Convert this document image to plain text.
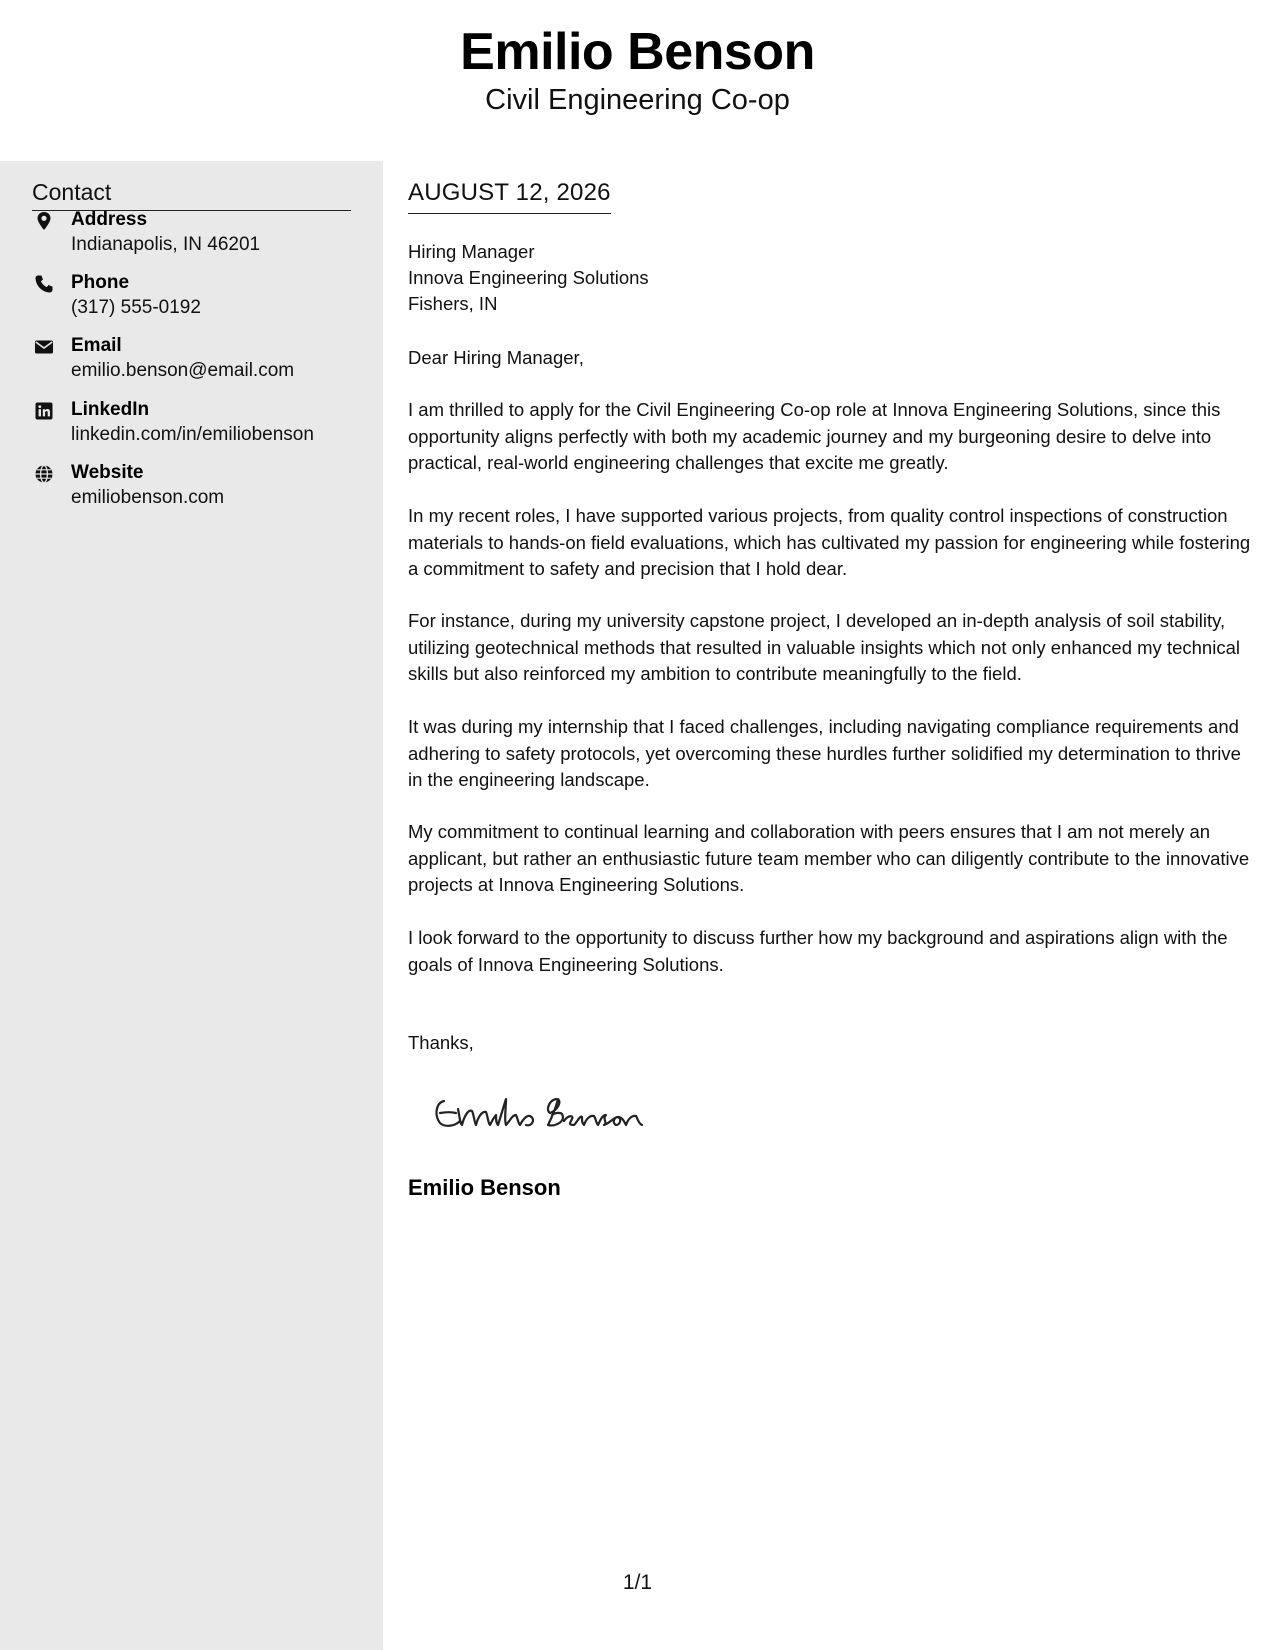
Emilio Benson
Civil Engineering Co-op
Contact
Address
Indianapolis, IN 46201
Phone
(317) 555-0192
Email
emilio.benson@email.com
LinkedIn
linkedin.com/in/emiliobenson
Website
emiliobenson.com
AUGUST 12, 2026
Hiring Manager
Innova Engineering Solutions
Fishers, IN

Dear Hiring Manager,

I am thrilled to apply for the Civil Engineering Co-op role at Innova Engineering Solutions, since this opportunity aligns perfectly with both my academic journey and my burgeoning desire to delve into practical, real-world engineering challenges that excite me greatly.

In my recent roles, I have supported various projects, from quality control inspections of construction materials to hands-on field evaluations, which has cultivated my passion for engineering while fostering a commitment to safety and precision that I hold dear.

For instance, during my university capstone project, I developed an in-depth analysis of soil stability, utilizing geotechnical methods that resulted in valuable insights which not only enhanced my technical skills but also reinforced my ambition to contribute meaningfully to the field.

It was during my internship that I faced challenges, including navigating compliance requirements and adhering to safety protocols, yet overcoming these hurdles further solidified my determination to thrive in the engineering landscape.

My commitment to continual learning and collaboration with peers ensures that I am not merely an applicant, but rather an enthusiastic future team member who can diligently contribute to the innovative projects at Innova Engineering Solutions.

I look forward to the opportunity to discuss further how my background and aspirations align with the goals of Innova Engineering Solutions.

Thanks,

Emilio Benson
1/1
